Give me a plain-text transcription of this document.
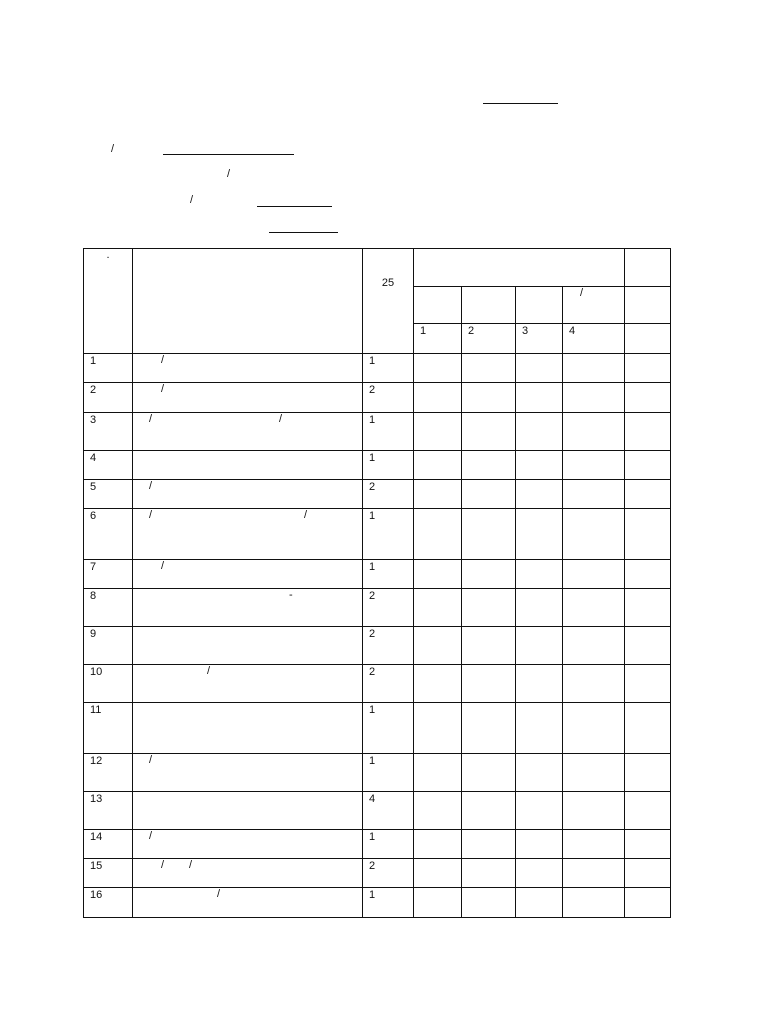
/
/
/
.		25					

						/	

			1	2	3	4	

1	/	1					

2	/	2					

3	/ /	1					

4		1					

5	/	2					

6	/ /	1					

7	/	1					

8	-	2					

9		2					

10	/	2					

11		1					

12	/	1					

13		4					

14	/	1					

15	/ /	2					

16	/	1					
